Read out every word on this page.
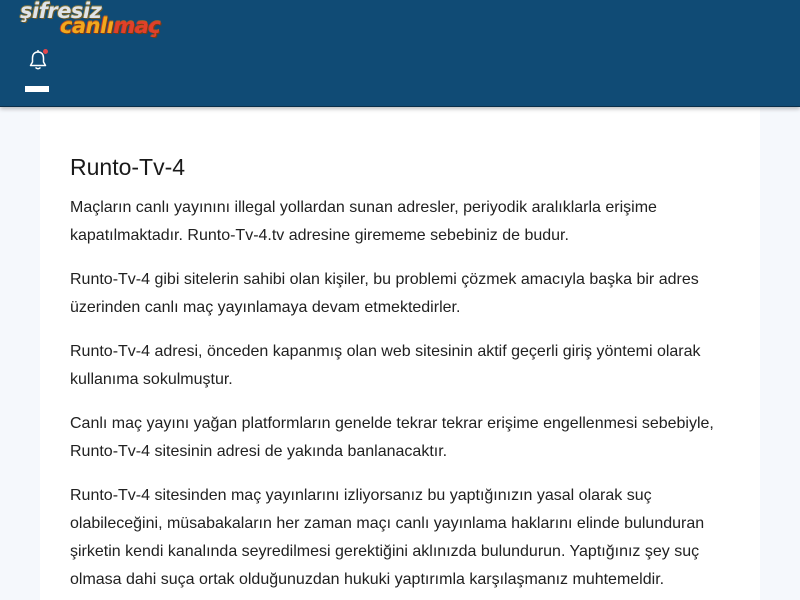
şifresiz
canlımaç
Runto-Tv-4

Maçların canlı yayınını illegal yollardan sunan adresler, periyodik aralıklarla erişime kapatılmaktadır. Runto-Tv-4.tv adresine girememe sebebiniz de budur.

Runto-Tv-4 gibi sitelerin sahibi olan kişiler, bu problemi çözmek amacıyla başka bir adres üzerinden canlı maç yayınlamaya devam etmektedirler.

Runto-Tv-4 adresi, önceden kapanmış olan web sitesinin aktif geçerli giriş yöntemi olarak kullanıma sokulmuştur.

Canlı maç yayını yağan platformların genelde tekrar tekrar erişime engellenmesi sebebiyle, Runto-Tv-4 sitesinin adresi de yakında banlanacaktır.

Runto-Tv-4 sitesinden maç yayınlarını izliyorsanız bu yaptığınızın yasal olarak suç olabileceğini, müsabakaların her zaman maçı canlı yayınlama haklarını elinde bulunduran şirketin kendi kanalında seyredilmesi gerektiğini aklınızda bulundurun. Yaptığınız şey suç olmasa dahi suça ortak olduğunuzdan hukuki yaptırımla karşılaşmanız muhtemeldir.
